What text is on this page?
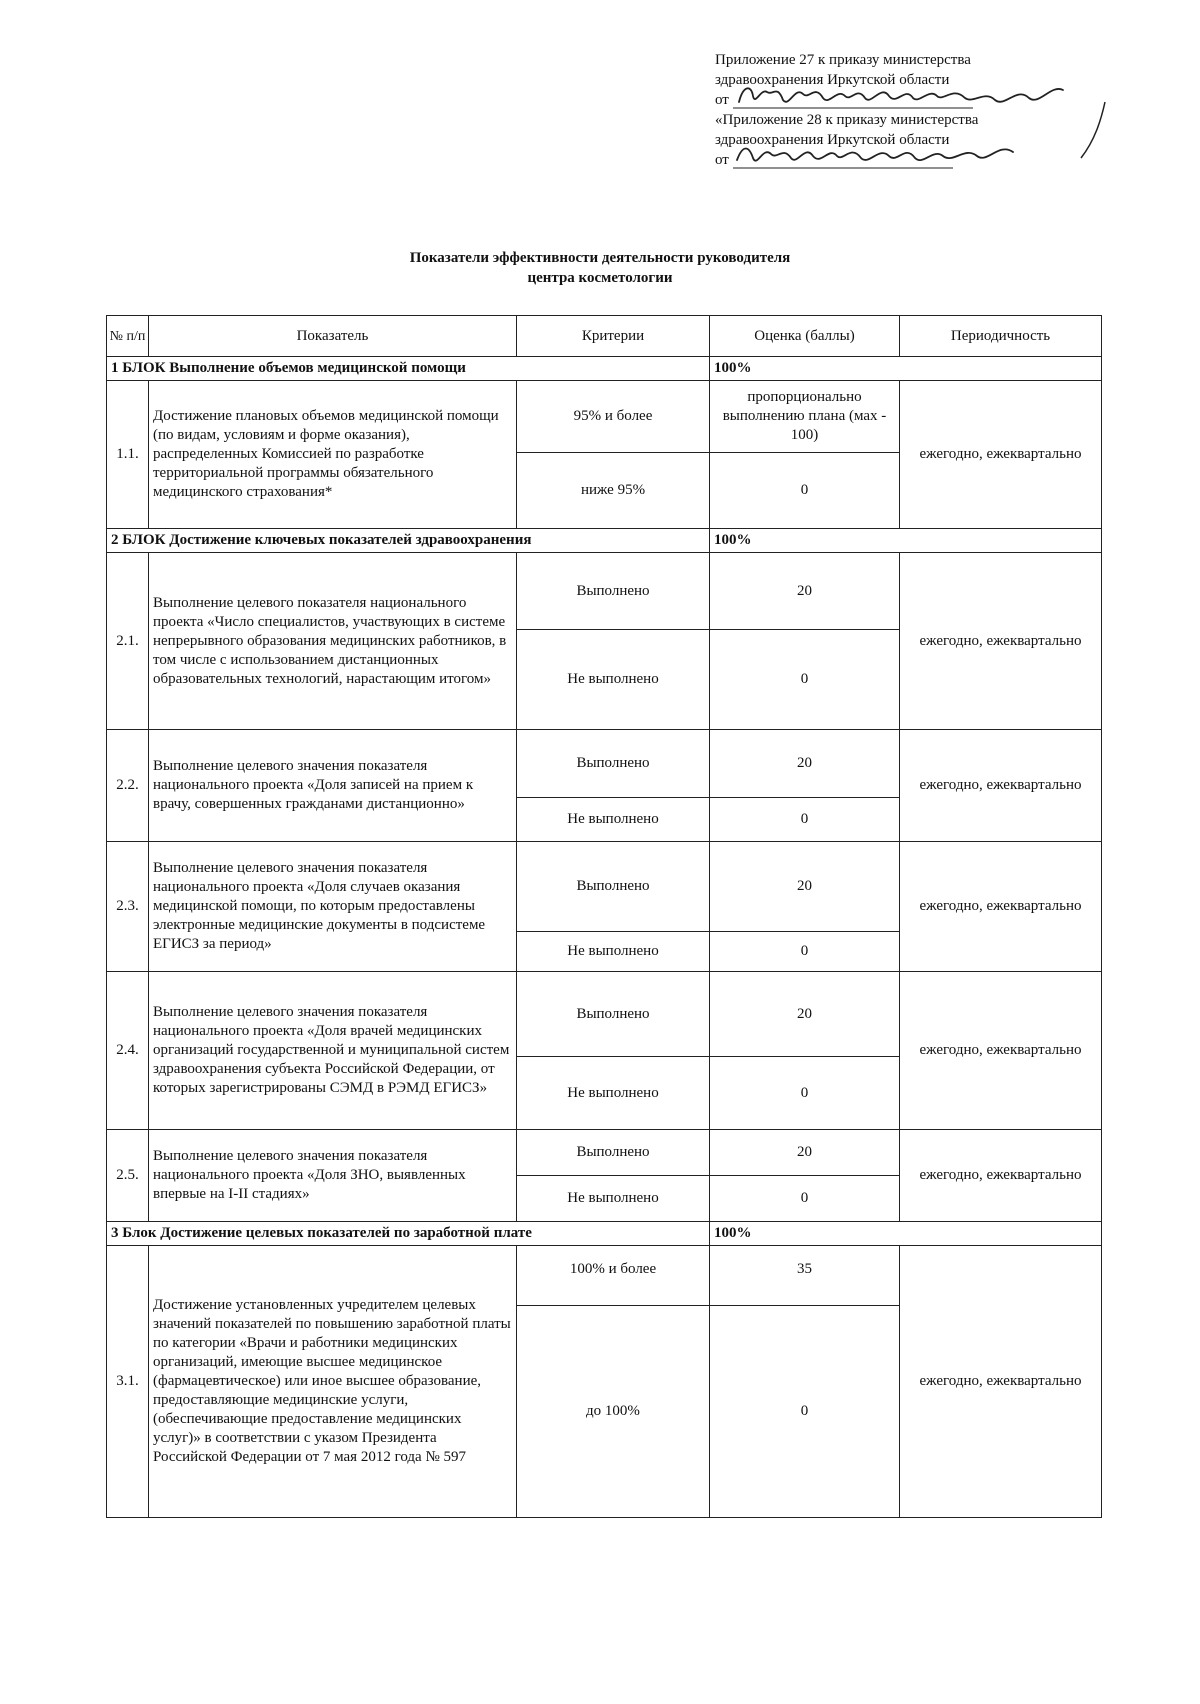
Приложение 27 к приказу министерства
здравоохранения Иркутской области
от
«Приложение 28 к приказу министерства
здравоохранения Иркутской области
от
Показатели эффективности деятельности руководителя
центра косметологии
№ п/п	Показатель	Критерии	Оценка (баллы)	Периодичность
1 БЛОК Выполнение объемов медицинской помощи			100%	
1.1.	Достижение плановых объемов медицинской помощи (по видам, условиям и форме оказания), распределенных Комиссией по разработке территориальной программы обязательного медицинского страхования*	95% и более	пропорционально выполнению плана (мах - 100)	ежегодно, ежеквартально
		ниже 95%	0	
2 БЛОК Достижение ключевых показателей здравоохранения			100%	
2.1.	Выполнение целевого показателя национального проекта «Число специалистов, участвующих в системе непрерывного образования медицинских работников, в том числе с использованием дистанционных образовательных технологий, нарастающим итогом»	Выполнено	20	ежегодно, ежеквартально
		Не выполнено	0	
2.2.	Выполнение целевого значения показателя национального проекта «Доля записей на прием к врачу, совершенных гражданами дистанционно»	Выполнено	20	ежегодно, ежеквартально
		Не выполнено	0	
2.3.	Выполнение целевого значения показателя национального проекта «Доля случаев оказания медицинской помощи, по которым предоставлены электронные медицинские документы в подсистеме ЕГИСЗ за период»	Выполнено	20	ежегодно, ежеквартально
		Не выполнено	0	
2.4.	Выполнение целевого значения показателя национального проекта «Доля врачей медицинских организаций государственной и муниципальной систем здравоохранения субъекта Российской Федерации, от которых зарегистрированы СЭМД в РЭМД ЕГИСЗ»	Выполнено	20	ежегодно, ежеквартально
		Не выполнено	0	
2.5.	Выполнение целевого значения показателя национального проекта «Доля ЗНО, выявленных впервые на I-II стадиях»	Выполнено	20	ежегодно, ежеквартально
		Не выполнено	0	
3 Блок Достижение целевых показателей по заработной плате			100%	
3.1.	Достижение установленных учредителем целевых значений показателей по повышению заработной платы по категории «Врачи и работники медицинских организаций, имеющие высшее медицинское (фармацевтическое) или иное высшее образование, предоставляющие медицинские услуги, (обеспечивающие предоставление медицинских услуг)» в соответствии с указом Президента Российской Федерации от 7 мая 2012 года № 597	100% и более	35	ежегодно, ежеквартально
		до 100%	0	
